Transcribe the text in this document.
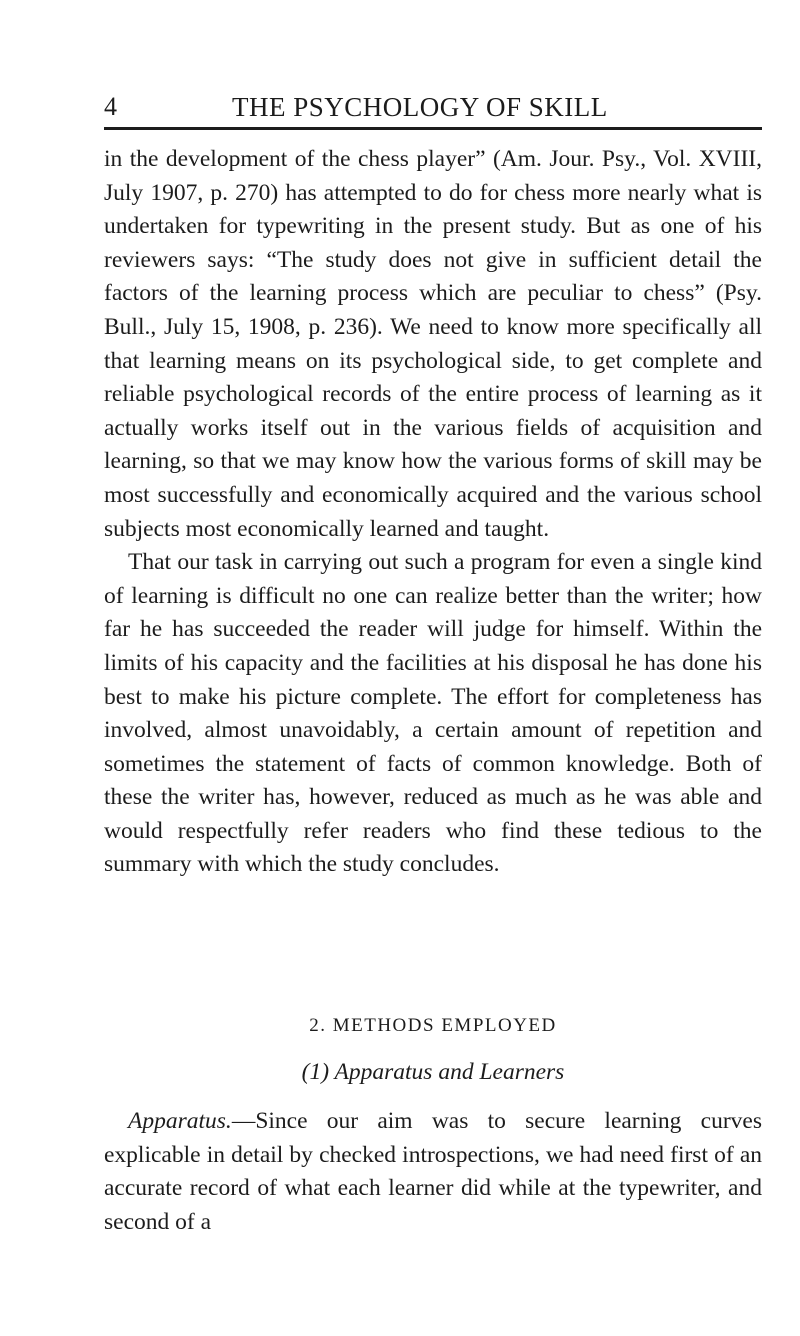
4	THE PSYCHOLOGY OF SKILL

in the development of the chess player” (Am. Jour. Psy., Vol. XVIII, July 1907, p. 270) has attempted to do for chess more nearly what is undertaken for typewriting in the present study. But as one of his reviewers says: “The study does not give in sufficient detail the factors of the learning process which are peculiar to chess” (Psy. Bull., July 15, 1908, p. 236). We need to know more specifically all that learning means on its psychological side, to get complete and reliable psychological records of the entire process of learning as it actually works itself out in the various fields of acquisition and learning, so that we may know how the various forms of skill may be most successfully and economically acquired and the various school subjects most economically learned and taught.

That our task in carrying out such a program for even a single kind of learning is difficult no one can realize better than the writer; how far he has succeeded the reader will judge for himself. Within the limits of his capacity and the facilities at his disposal he has done his best to make his picture complete. The effort for completeness has involved, almost unavoidably, a certain amount of repetition and sometimes the statement of facts of common knowledge. Both of these the writer has, however, reduced as much as he was able and would respectfully refer readers who find these tedious to the summary with which the study concludes.

2. METHODS EMPLOYED
(1) Apparatus and Learners

Apparatus.—Since our aim was to secure learning curves explicable in detail by checked introspections, we had need first of an accurate record of what each learner did while at the typewriter, and second of a
